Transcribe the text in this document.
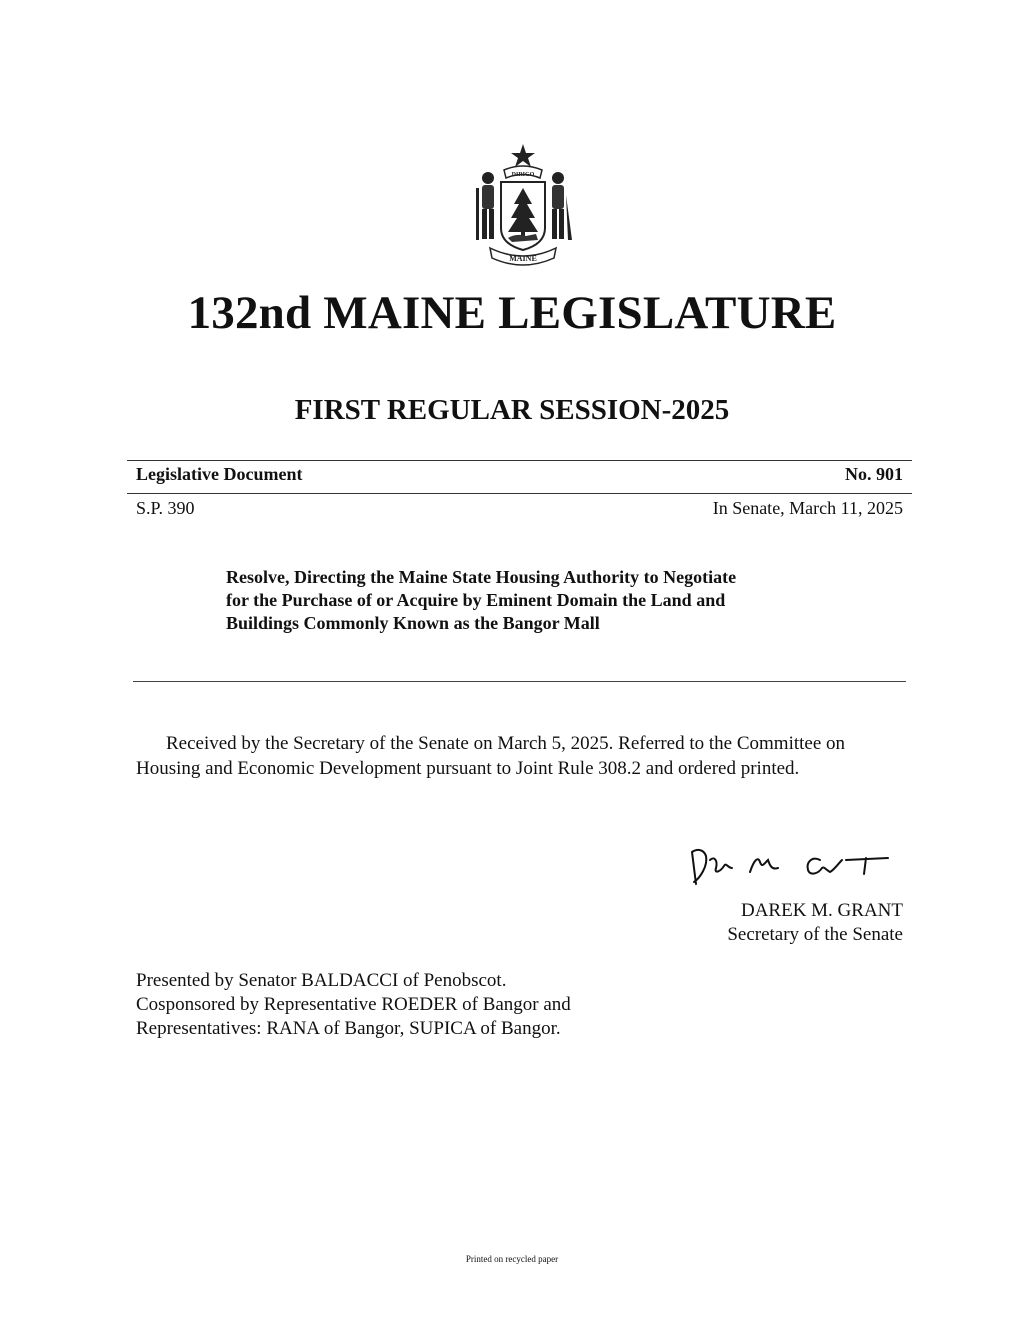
DIRIGO
MAINE
132nd MAINE LEGISLATURE
FIRST REGULAR SESSION-2025
Legislative Document	No. 901
S.P. 390	In Senate, March 11, 2025
Resolve, Directing the Maine State Housing Authority to Negotiate
for the Purchase of or Acquire by Eminent Domain the Land and
Buildings Commonly Known as the Bangor Mall

Received by the Secretary of the Senate on March 5, 2025. Referred to the Committee on Housing and Economic Development pursuant to Joint Rule 308.2 and ordered printed.

DAREK M. GRANT
Secretary of the Senate
Presented by Senator BALDACCI of Penobscot.
Cosponsored by Representative ROEDER of Bangor and
Representatives: RANA of Bangor, SUPICA of Bangor.
Printed on recycled paper
